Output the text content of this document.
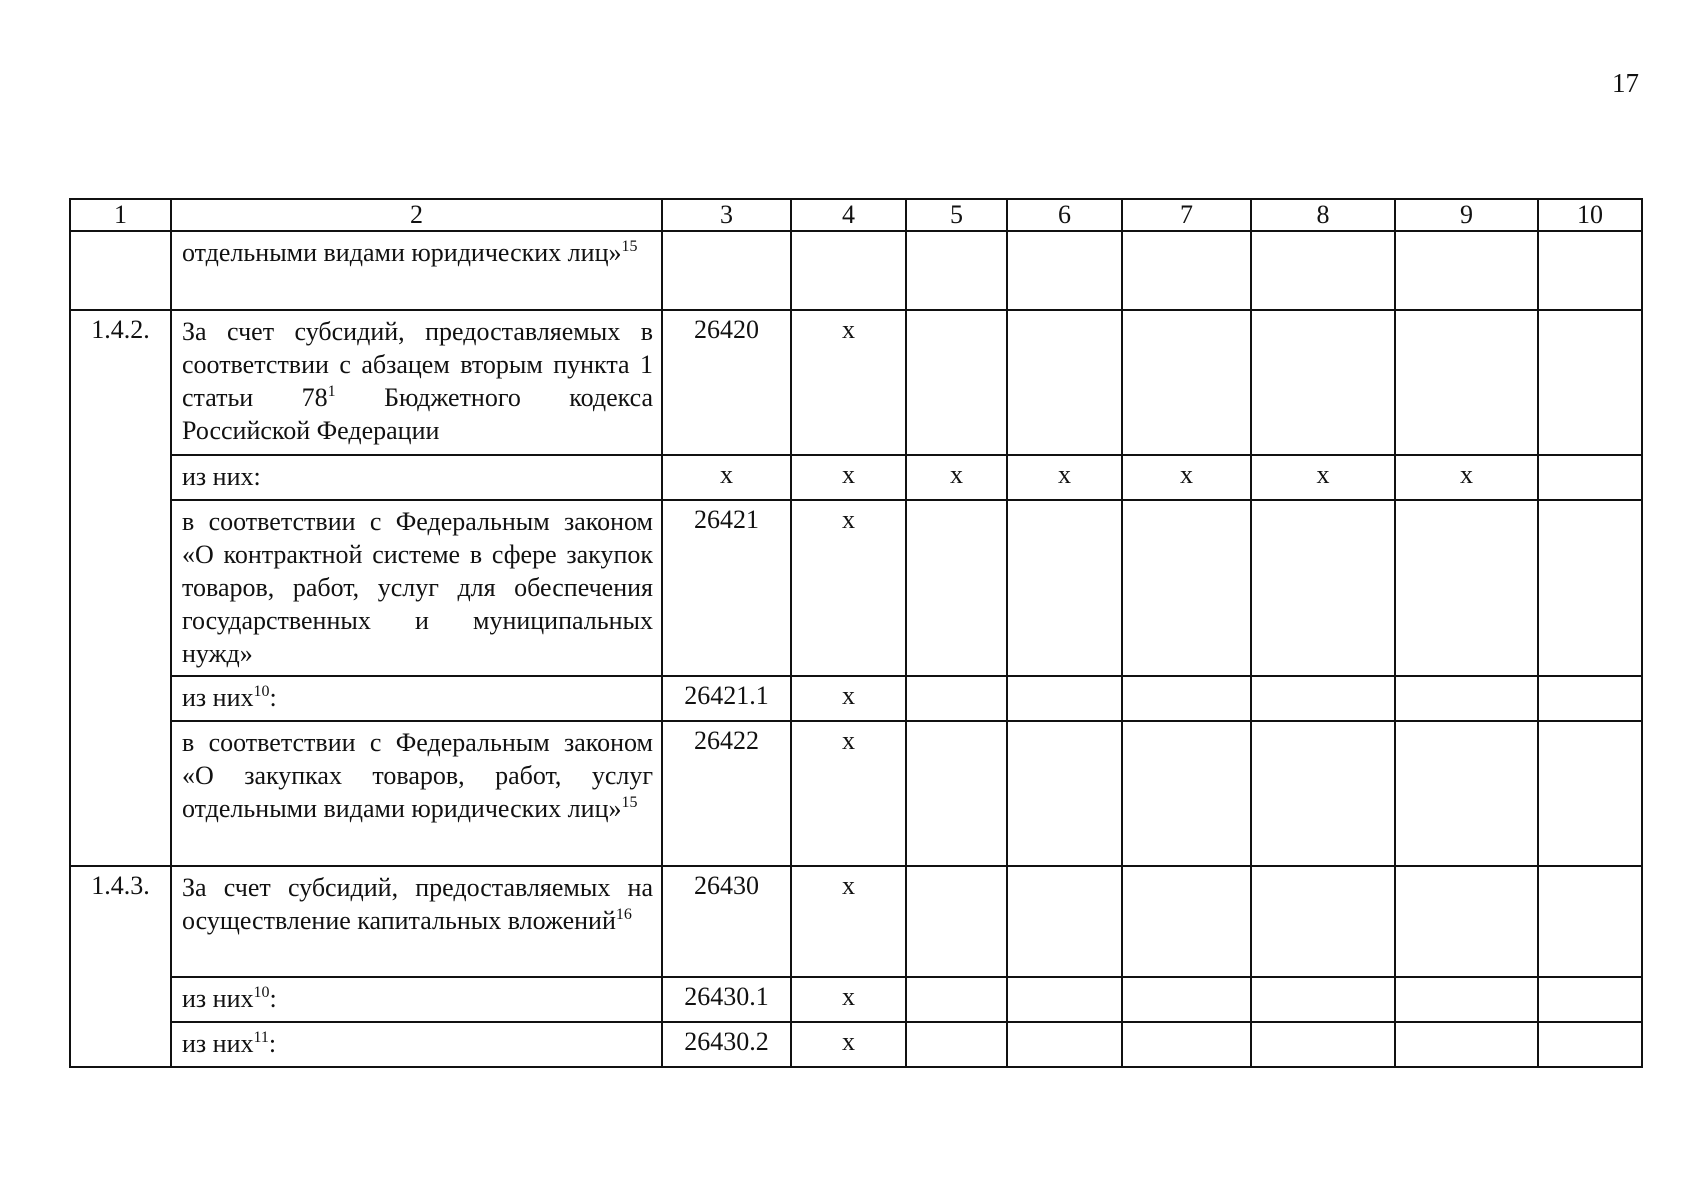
17
1	2	3	4	5	6	7	8	9	10
	отдельными видами юридических лиц»$^{15}$								
1.4.2.	За счет субсидий, предоставляемых в соответствии с абзацем вторым пункта 1 статьи $78^1$ Бюджетного кодекса Российской Федерации	26420	x						
	из них:	x	x	x	x	x	x	x	
	в соответствии с Федеральным законом «О контрактной системе в сфере закупок товаров, работ, услуг для обеспечения государственных и муниципальных нужд»	26421	x						
	из них$^{10}$:	26421.1	x						
	в соответствии с Федеральным законом «О закупках товаров, работ, услуг отдельными видами юридических лиц»$^{15}$	26422	x						
1.4.3.	За счет субсидий, предоставляемых на осуществление капитальных вложений$^{16}$	26430	x						
	из них$^{10}$:	26430.1	x						
	из них$^{11}$:	26430.2	x						
